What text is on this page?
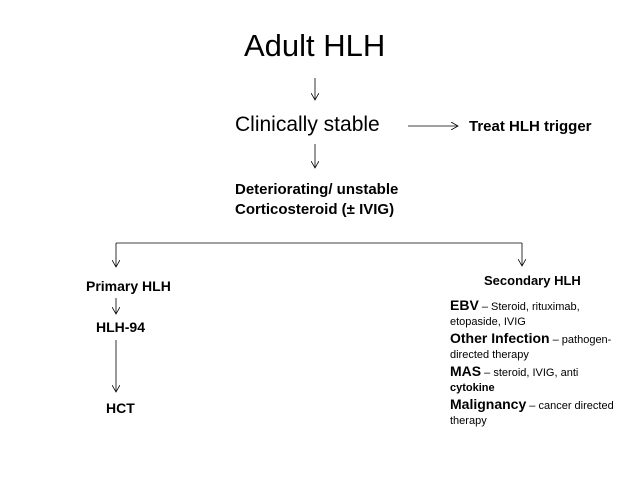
Adult HLH
Clinically stable	Treat HLH trigger
Deteriorating/ unstable
Corticosteroid (± IVIG)
Primary HLH
HLH-94
HCT
Secondary HLH
EBV – Steroid, rituximab,
etopaside, IVIG
Other Infection – pathogen-
directed therapy
MAS – steroid, IVIG, anti
cytokine
Malignancy – cancer directed
therapy
